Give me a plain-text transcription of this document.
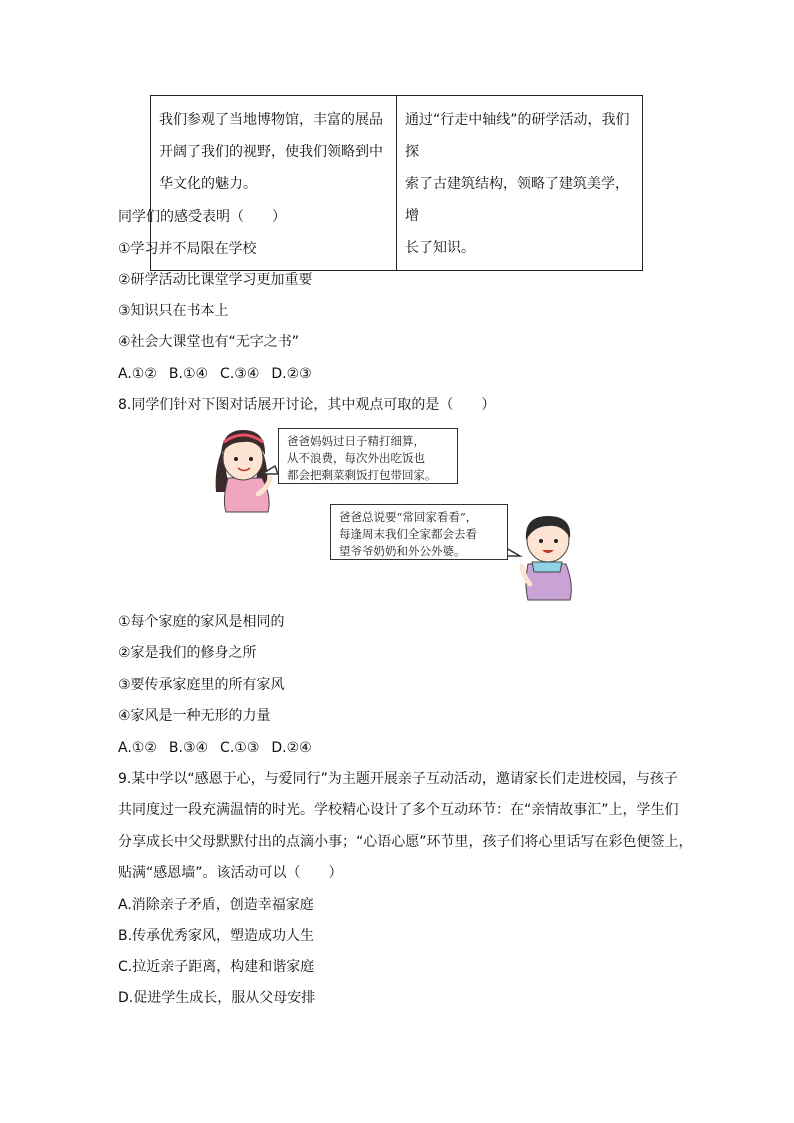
我们参观了当地博物馆，丰富的展品
开阔了我们的视野，使我们领略到中
华文化的魅力。

通过“行走中轴线”的研学活动，我们探
索了古建筑结构，领略了建筑美学，增
长了知识。
同学们的感受表明（　　）
①学习并不局限在学校
②研学活动比课堂学习更加重要
③知识只在书本上
④社会大课堂也有“无字之书”
A.①② B.①④ C.③④ D.②③
8.同学们针对下图对话展开讨论，其中观点可取的是（　　）
爸爸妈妈过日子精打细算，
从不浪费，每次外出吃饭也
都会把剩菜剩饭打包带回家。
爸爸总说要“常回家看看”，
每逢周末我们全家都会去看
望爷爷奶奶和外公外婆。
①每个家庭的家风是相同的
②家是我们的修身之所
③要传承家庭里的所有家风
④家风是一种无形的力量
A.①② B.③④ C.①③ D.②④
9.某中学以“感恩于心，与爱同行”为主题开展亲子互动活动，邀请家长们走进校园，与孩子
共同度过一段充满温情的时光。学校精心设计了多个互动环节：在“亲情故事汇”上，学生们
分享成长中父母默默付出的点滴小事；“心语心愿”环节里，孩子们将心里话写在彩色便签上，
贴满“感恩墙”。该活动可以（　　）
A.消除亲子矛盾，创造幸福家庭
B.传承优秀家风，塑造成功人生
C.拉近亲子距离，构建和谐家庭
D.促进学生成长，服从父母安排
